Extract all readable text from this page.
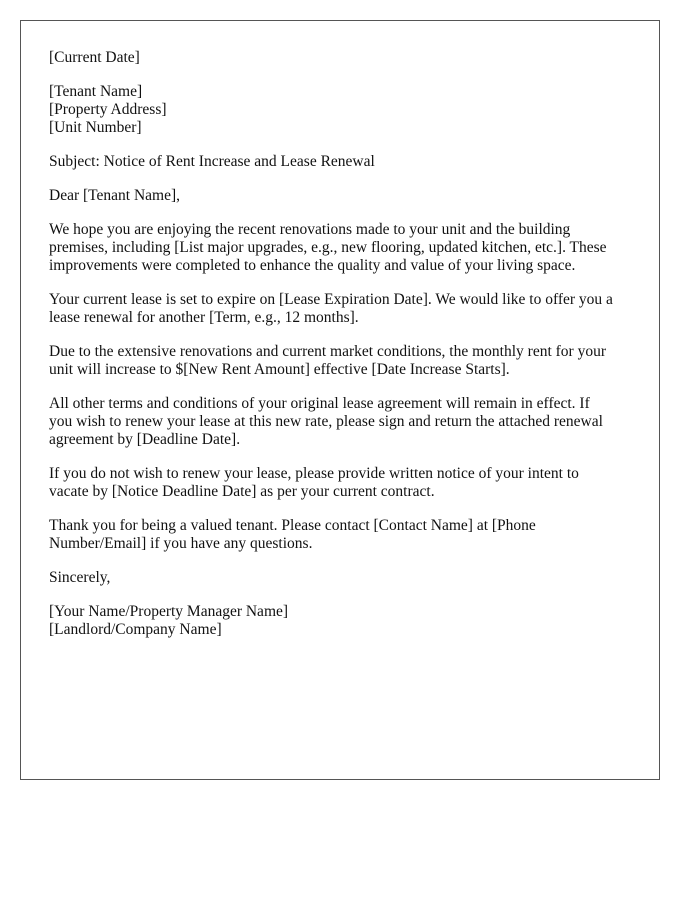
[Current Date]
[Tenant Name]
[Property Address]
[Unit Number]
Subject: Notice of Rent Increase and Lease Renewal
Dear [Tenant Name],

We hope you are enjoying the recent renovations made to your unit and the building
premises, including [List major upgrades, e.g., new flooring, updated kitchen, etc.]. These
improvements were completed to enhance the quality and value of your living space.

Your current lease is set to expire on [Lease Expiration Date]. We would like to offer you a
lease renewal for another [Term, e.g., 12 months].

Due to the extensive renovations and current market conditions, the monthly rent for your
unit will increase to $[New Rent Amount] effective [Date Increase Starts].

All other terms and conditions of your original lease agreement will remain in effect. If
you wish to renew your lease at this new rate, please sign and return the attached renewal
agreement by [Deadline Date].

If you do not wish to renew your lease, please provide written notice of your intent to
vacate by [Notice Deadline Date] as per your current contract.

Thank you for being a valued tenant. Please contact [Contact Name] at [Phone
Number/Email] if you have any questions.

Sincerely,
[Your Name/Property Manager Name]
[Landlord/Company Name]
